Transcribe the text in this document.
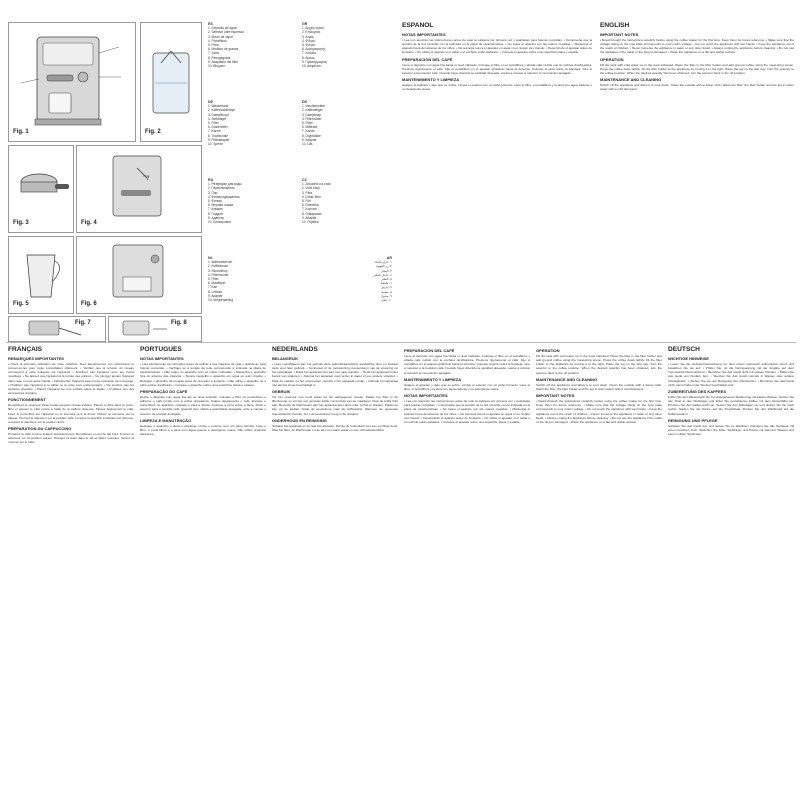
Fig. 1	Fig. 2
Fig. 3	Fig. 4
Fig. 5	Fig. 6
Fig. 7	Fig. 8
ES
1. Depósito de agua
2. Selector café espresso
3. Botón de vapor
4. Portafiltros
5. Filtro
6. Medidor de granos
7. Jarra
8. Recogegotas
9. Adaptador del filtro
10. Bloqueo
DE
1. Wassertank
2. Kaffeewahlknopf
3. Dampfknopf
4. Siebträger
5. Filter
6. Dosierlöffel
7. Kanne
8. Tropfschale
9. Filteradapter
10. Sperre
RU
1. Резервуар для воды
2. Переключатель
3. Пар
4. Фильтродержатель
5. Фильтр
6. Мерная ложка
7. Кувшин
8. Поддон
9. Адаптер
10. Блокировка
NL
1. Waterreservoir
2. Koffiekeuze
3. Stoomknop
4. Filterhouder
5. Filter
6. Maatlepel
7. Kan
8. Lekbak
9. Adapter
10. Vergrendeling
GR
1. Δοχείο νερού
2. Επιλογέας
3. Ατμός
4. Φίλτρο
5. Φίλτρο
6. Δοσομετρητής
7. Κανάτα
8. Δίσκος
9. Προσαρμογέας
10. Ασφάλεια
DK
1. Vandbeholder
2. Kaffevælger
3. Dampknap
4. Filterholder
5. Filter
6. Måleske
7. Kande
8. Drypbakke
9. Adapter
10. Lås
CZ
1. Zásobník na vodu
2. Volič kávy
3. Pára
4. Držák filtru
5. Filtr
6. Odměrka
7. Konvice
8. Odkapávač
9. Adaptér
10. Pojistka
AR
١. خزان الماء
٢. زر القهوة
٣. البخار
٤. حامل الفلتر
٥. الفلتر
٦. ملعقة
٧. إبريق
٨. صينية
٩. محول
١٠. قفل
ESPAÑOL
NOTAS IMPORTANTES

• Lea con atención las instrucciones antes de usar la cafetera por primera vez y guárdelas para futuras consultas. • Compruebe que la tensión de la red coincide con la indicada en la placa de características. • No toque el aparato con las manos mojadas. • Mantenga el aparato fuera del alcance de los niños. • No sumerja nunca el aparato en agua ni en ningún otro líquido. • Desenchufe el aparato antes de limpiarlo. • No utilice el aparato si el cable o el enchufe están dañados. • Coloque el aparato sobre una superficie plana y estable.

PREPARACIÓN DEL CAFÉ

Llene el depósito con agua fría hasta el nivel indicado. Coloque el filtro en el portafiltros y añada café molido con la cuchara dosificadora. Presione ligeramente el café. Fije el portafiltros en el aparato girándolo hacia la derecha. Coloque la jarra sobre la bandeja. Gire el selector a la posición café. Cuando haya obtenido la cantidad deseada, vuelva a colocar el selector en la posición apagado.

MANTENIMIENTO Y LIMPIEZA

Apague el aparato y deje que se enfríe. Limpie el exterior con un paño húmedo. Lave el filtro, el portafiltros y la jarra con agua caliente y un detergente suave.

ENGLISH
IMPORTANT NOTES

• Read through the instructions carefully before using the coffee maker for the first time. Keep them for future reference. • Make sure that the voltage rating on the type plate corresponds to your mains voltage. • Do not touch the appliance with wet hands. • Keep the appliance out of the reach of children. • Never immerse the appliance in water or any other liquid. • Always unplug the appliance before cleaning. • Do not use the appliance if the cable or the plug is damaged. • Place the appliance on a flat and stable surface.

OPERATION

Fill the tank with cold water up to the level indicated. Place the filter in the filter holder and add ground coffee using the measuring spoon. Press the coffee down lightly. Fit the filter holder to the appliance by turning it to the right. Place the jug on the drip tray. Turn the selector to the coffee position. When the desired quantity has been obtained, turn the selector back to the off position.

MAINTENANCE AND CLEANING

Switch off the appliance and allow it to cool down. Clean the outside with a damp cloth. Wash the filter, the filter holder and the jug in warm water with a mild detergent.

FRANÇAIS
REMARQUES IMPORTANTES

• Avant la première utilisation de votre cafetière, lisez attentivement ces instructions et conservez-les pour toute consultation ultérieure. • Vérifiez que la tension du réseau correspond à celle indiquée sur l'appareil. • N'utilisez pas l'appareil avec les mains mouillées. • Ne laissez pas l'appareil à la portée des enfants. • Ne plongez jamais l'appareil dans l'eau ou tout autre liquide. • Débranchez l'appareil avant toute opération de nettoyage. • N'utilisez pas l'appareil si le câble ou la prise sont endommagés. • Ne touchez pas les surfaces chaudes. • Placez l'appareil sur une surface plane et stable. • N'utilisez que des accessoires d'origine.

FONCTIONNEMENT

Remplissez le réservoir d'eau froide jusqu'au niveau indiqué. Placez le filtre dans le porte-filtre et ajoutez le café moulu à l'aide de la cuillère doseuse. Tassez légèrement le café. Fixez le porte-filtre sur l'appareil en le tournant vers la droite. Placez la verseuse sur la plaque. Tournez le sélecteur sur la position café. Lorsque la quantité souhaitée est obtenue, remettez le sélecteur sur la position arrêt.

PRÉPARATION DU CAPPUCCINO

Préparez le café comme indiqué précédemment. Remplissez un pot de lait froid. Tournez le sélecteur sur la position vapeur. Plongez la buse dans le lait et faites mousser. Versez la mousse sur le café.

PORTUGUES
NOTAS IMPORTANTES

• Leia atentamente as instruções antes de utilizar a sua máquina de café e guarde-as para futuras consultas. • Verifique se a tensão da rede corresponde à indicada na placa de características. • Não toque no aparelho com as mãos molhadas. • Mantenha o aparelho fora do alcance das crianças. • Nunca mergulhe o aparelho em água ou outro líquido. • Desligue o aparelho da tomada antes de proceder à limpeza. • Não utilize o aparelho se o cabo estiver danificado. • Coloque o aparelho sobre uma superfície plana e estável.

PREPARAÇÃO DO CAFÉ

Encha o depósito com água fria até ao nível indicado. Coloque o filtro no porta-filtros e adicione o café moído com a colher doseadora. Calque ligeiramente o café. Encaixe o porta-filtros no aparelho, rodando-o para a direita. Coloque a jarra sobre a base. Rode o selector para a posição café. Quando tiver obtido a quantidade desejada, volte a colocar o selector na posição desligado.

LIMPEZA E MANUTENÇÃO

Desligue o aparelho e deixe-o arrefecer. Limpe o exterior com um pano húmido. Lave o filtro, o porta-filtros e a jarra com água quente e detergente suave. Não utilize produtos abrasivos.

NEDERLANDS
BELANGRIJK

• Lees voorafgaand aan het gebruik deze gebruiksaanwijzing aandachtig door en bewaar deze voor later gebruik. • Controleer of de netspanning overeenkomt met de spanning op het typeplaatje. • Raak het apparaat niet aan met natte handen. • Houd het apparaat buiten bereik van kinderen. • Dompel het apparaat nooit onder in water of een andere vloeistof. • Haal de stekker uit het stopcontact voordat u het apparaat reinigt. • Gebruik het apparaat niet als het snoer beschadigd is.

GEBRUIK

Vul het reservoir met koud water tot het aangegeven niveau. Plaats het filter in de filterhouder en vul het met gemalen koffie met behulp van de maatlepel. Druk de koffie licht aan. Bevestig de filterhouder aan het apparaat door deze naar rechts te draaien. Plaats de kan op de lekbak. Draai de keuzeknop naar de koffiestand. Wanneer de gewenste hoeveelheid is bereikt, zet u de keuzeknop terug in de uitstand.

ONDERHOUD EN REINIGING

Schakel het apparaat uit en laat het afkoelen. Reinig de buitenkant met een vochtige doek. Was het filter, de filterhouder en de kan met warm water en een mild afwasmiddel.

PREPARACIÓN DEL CAFÉ

Llene el depósito con agua fría hasta el nivel indicado. Coloque el filtro en el portafiltros y añada café molido con la cuchara dosificadora. Presione ligeramente el café. Fije el portafiltros en el aparato girándolo hacia la derecha. Coloque la jarra sobre la bandeja. Gire el selector a la posición café. Cuando haya obtenido la cantidad deseada, vuelva a colocar el selector en la posición apagado.

MANTENIMIENTO Y LIMPIEZA

Apague el aparato y deje que se enfríe. Limpie el exterior con un paño húmedo. Lave el filtro, el portafiltros y la jarra con agua caliente y un detergente suave.

NOTAS IMPORTANTES

• Lea con atención las instrucciones antes de usar la cafetera por primera vez y guárdelas para futuras consultas. • Compruebe que la tensión de la red coincide con la indicada en la placa de características. • No toque el aparato con las manos mojadas. • Mantenga el aparato fuera del alcance de los niños. • No sumerja nunca el aparato en agua ni en ningún otro líquido. • Desenchufe el aparato antes de limpiarlo. • No utilice el aparato si el cable o el enchufe están dañados. • Coloque el aparato sobre una superficie plana y estable.

OPERATION

Fill the tank with cold water up to the level indicated. Place the filter in the filter holder and add ground coffee using the measuring spoon. Press the coffee down lightly. Fit the filter holder to the appliance by turning it to the right. Place the jug on the drip tray. Turn the selector to the coffee position. When the desired quantity has been obtained, turn the selector back to the off position.

MAINTENANCE AND CLEANING

Switch off the appliance and allow it to cool down. Clean the outside with a damp cloth. Wash the filter, the filter holder and the jug in warm water with a mild detergent.

IMPORTANT NOTES

• Read through the instructions carefully before using the coffee maker for the first time. Keep them for future reference. • Make sure that the voltage rating on the type plate corresponds to your mains voltage. • Do not touch the appliance with wet hands. • Keep the appliance out of the reach of children. • Never immerse the appliance in water or any other liquid. • Always unplug the appliance before cleaning. • Do not use the appliance if the cable or the plug is damaged. • Place the appliance on a flat and stable surface.

DEUTSCH
WICHTIGE HINWEISE

• Lesen Sie die Gebrauchsanweisung vor dem ersten Gebrauch aufmerksam durch und bewahren Sie sie auf. • Prüfen Sie, ob die Netzspannung mit der Angabe auf dem Typenschild übereinstimmt. • Berühren Sie das Gerät nicht mit nassen Händen. • Halten Sie das Gerät von Kindern fern. • Tauchen Sie das Gerät niemals in Wasser oder andere Flüssigkeiten. • Ziehen Sie vor der Reinigung den Netzstecker. • Benutzen Sie das Gerät nicht, wenn Kabel oder Stecker beschädigt sind.

ZUBEREITUNG DES KAFFEES

Füllen Sie den Wassertank bis zur angegebenen Markierung mit kaltem Wasser. Setzen Sie den Filter in den Siebträger und füllen Sie gemahlenen Kaffee mit dem Dosierlöffel ein. Drücken Sie den Kaffee leicht an. Setzen Sie den Siebträger ein und drehen Sie ihn nach rechts. Stellen Sie die Kanne auf die Tropfschale. Drehen Sie den Wahlknopf auf die Kaffeeposition.

REINIGUNG UND PFLEGE

Schalten Sie das Gerät aus und lassen Sie es abkühlen. Reinigen Sie das Gehäuse mit einem feuchten Tuch. Waschen Sie Filter, Siebträger und Kanne mit warmem Wasser und einem milden Spülmittel.
